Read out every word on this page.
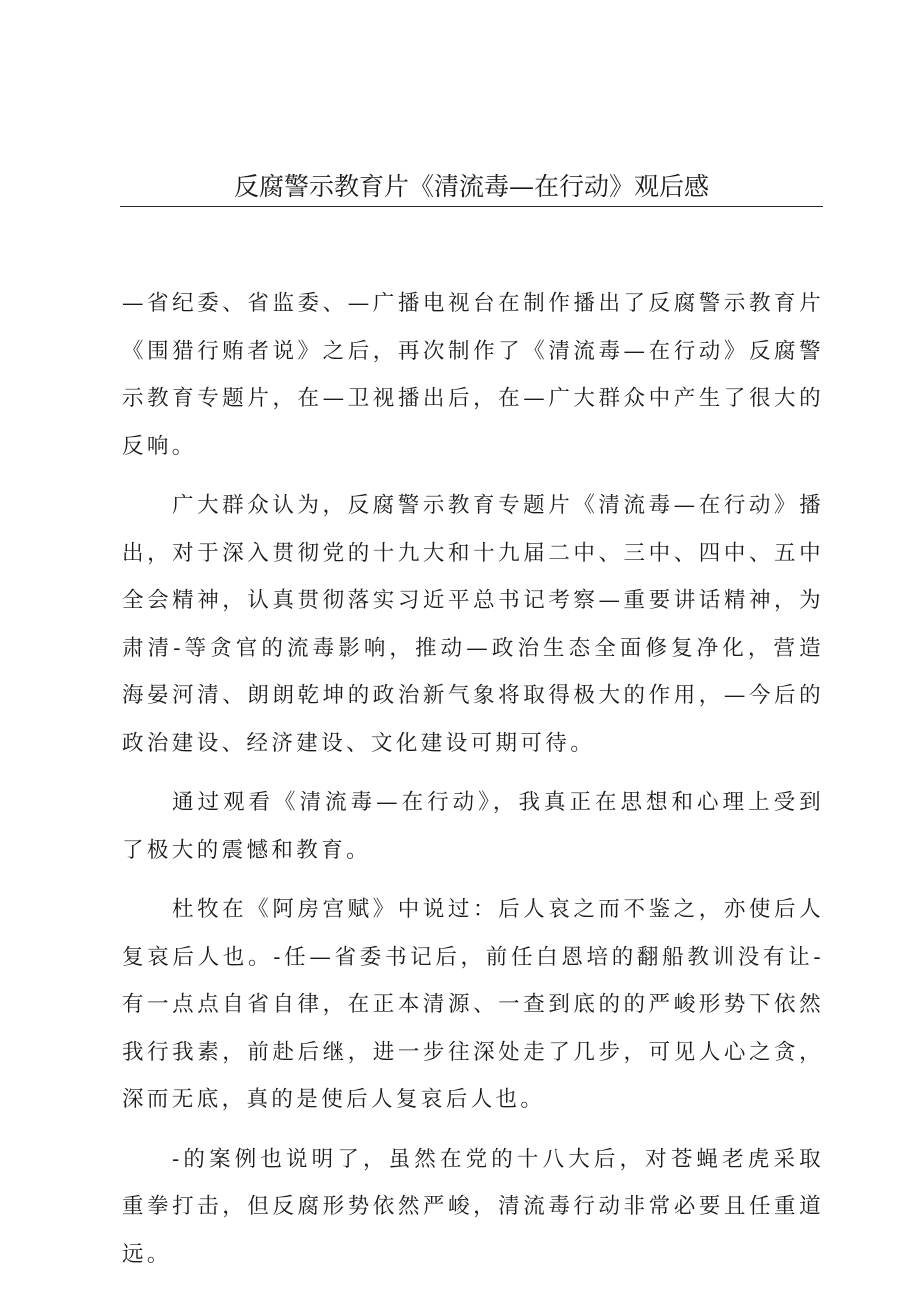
反腐警示教育片《清流毒—在行动》观后感

—省纪委、省监委、—广播电视台在制作播出了反腐警示教育片《围猎行贿者说》之后，再次制作了《清流毒—在行动》反腐警示教育专题片，在—卫视播出后，在—广大群众中产生了很大的反响。

广大群众认为，反腐警示教育专题片《清流毒—在行动》播出，对于深入贯彻党的十九大和十九届二中、三中、四中、五中全会精神，认真贯彻落实习近平总书记考察—重要讲话精神，为肃清-等贪官的流毒影响，推动—政治生态全面修复净化，营造海晏河清、朗朗乾坤的政治新气象将取得极大的作用，—今后的政治建设、经济建设、文化建设可期可待。

通过观看《清流毒—在行动》，我真正在思想和心理上受到了极大的震憾和教育。

杜牧在《阿房宫赋》中说过：后人哀之而不鉴之，亦使后人复哀后人也。-任—省委书记后，前任白恩培的翻船教训没有让-有一点点自省自律，在正本清源、一查到底的的严峻形势下依然我行我素，前赴后继，进一步往深处走了几步，可见人心之贪，深而无底，真的是使后人复哀后人也。

-的案例也说明了，虽然在党的十八大后，对苍蝇老虎采取重拳打击，但反腐形势依然严峻，清流毒行动非常必要且任重道远。
